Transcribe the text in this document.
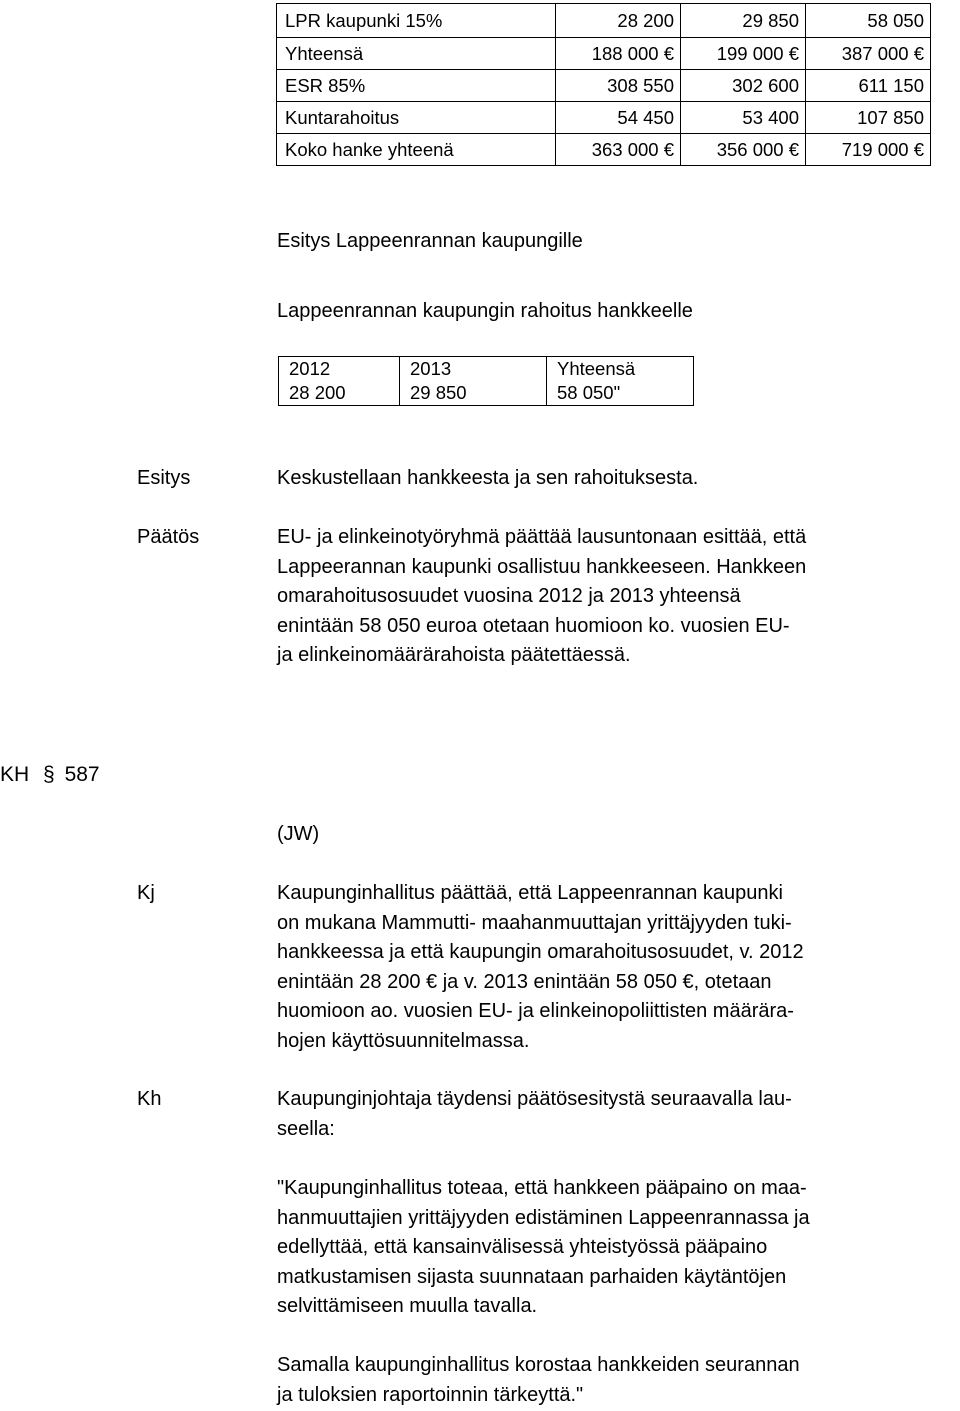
LPR kaupunki 15%	28 200	29 850	58 050
Yhteensä	188 000 €	199 000 €	387 000 €
ESR 85%	308 550	302 600	611 150
Kuntarahoitus	54 450	53 400	107 850
Koko hanke yhteenä	363 000 €	356 000 €	719 000 €
Esitys Lappeenrannan kaupungille
Lappeenrannan kaupungin rahoitus hankkeelle
2012	2013	Yhteensä
28 200	29 850	58 050"
Esitys	Keskustellaan hankkeesta ja sen rahoituksesta.
Päätös	EU- ja elinkeinotyöryhmä päättää lausuntonaan esittää, että
Lappeerannan kaupunki osallistuu hankkeeseen. Hankkeen
omarahoitusosuudet vuosina 2012 ja 2013 yhteensä
enintään 58 050 euroa otetaan huomioon ko. vuosien EU-
ja elinkeinomäärärahoista päätettäessä.
KH § 587
(JW)
Kj	Kaupunginhallitus päättää, että Lappeenrannan kaupunki
on mukana Mammutti- maahanmuuttajan yrittäjyyden tuki-
hankkeessa ja että kaupungin omarahoitusosuudet, v. 2012
enintään 28 200 € ja v. 2013 enintään 58 050 €, otetaan
huomioon ao. vuosien EU- ja elinkeinopoliittisten määrära-
hojen käyttösuunnitelmassa.
Kh	Kaupunginjohtaja täydensi päätösesitystä seuraavalla lau-
seella:
"Kaupunginhallitus toteaa, että hankkeen pääpaino on maa-
hanmuuttajien yrittäjyyden edistäminen Lappeenrannassa ja
edellyttää, että kansainvälisessä yhteistyössä pääpaino
matkustamisen sijasta suunnataan parhaiden käytäntöjen
selvittämiseen muulla tavalla.
Samalla kaupunginhallitus korostaa hankkeiden seurannan
ja tuloksien raportoinnin tärkeyttä."
